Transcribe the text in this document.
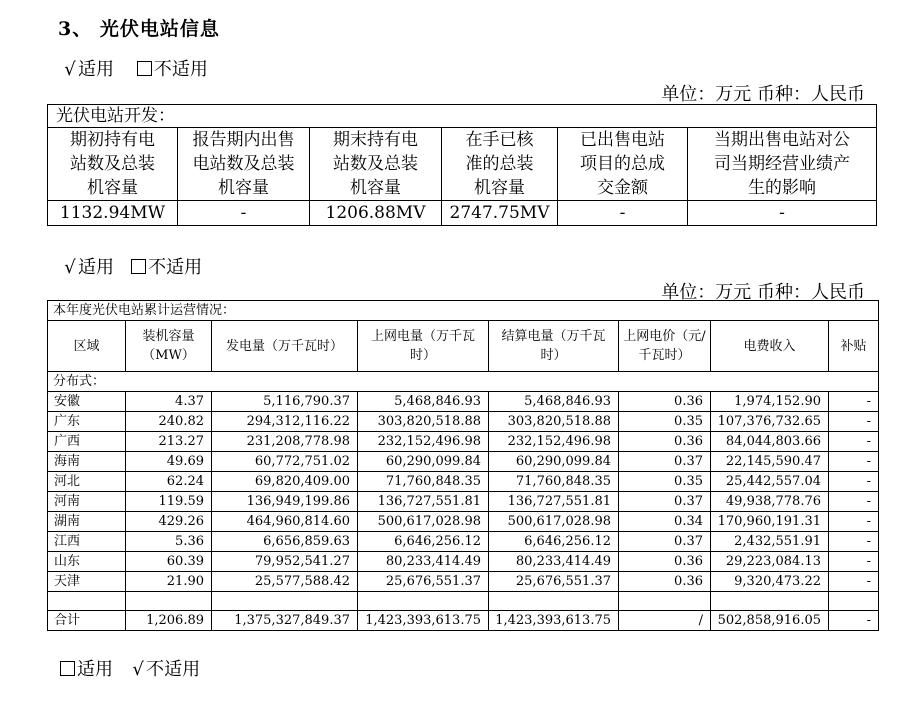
3、 光伏电站信息
√ 适用 不适用
单位：万元 币种：人民币
光伏电站开发：					
期初持有电
站数及总装
机容量	报告期内出售
电站数及总装
机容量	期末持有电
站数及总装
机容量	在手已核
准的总装
机容量	已出售电站
项目的总成
交金额	当期出售电站对公
司当期经营业绩产
生的影响
1132.94MW	-	1206.88MV	2747.75MV	-	-
√ 适用 不适用
单位：万元 币种：人民币
本年度光伏电站累计运营情况：							
区域	装机容量
（MW）	发电量（万千瓦时）	上网电量（万千瓦
时）	结算电量（万千瓦
时）	上网电价（元/
千瓦时）	电费收入	补贴
分布式：							
安徽	4.37	5,116,790.37	5,468,846.93	5,468,846.93	0.36	1,974,152.90	-
广东	240.82	294,312,116.22	303,820,518.88	303,820,518.88	0.35	107,376,732.65	-
广西	213.27	231,208,778.98	232,152,496.98	232,152,496.98	0.36	84,044,803.66	-
海南	49.69	60,772,751.02	60,290,099.84	60,290,099.84	0.37	22,145,590.47	-
河北	62.24	69,820,409.00	71,760,848.35	71,760,848.35	0.35	25,442,557.04	-
河南	119.59	136,949,199.86	136,727,551.81	136,727,551.81	0.37	49,938,778.76	-
湖南	429.26	464,960,814.60	500,617,028.98	500,617,028.98	0.34	170,960,191.31	-
江西	5.36	6,656,859.63	6,646,256.12	6,646,256.12	0.37	2,432,551.91	-
山东	60.39	79,952,541.27	80,233,414.49	80,233,414.49	0.36	29,223,084.13	-
天津	21.90	25,577,588.42	25,676,551.37	25,676,551.37	0.36	9,320,473.22	-

合计	1,206.89	1,375,327,849.37	1,423,393,613.75	1,423,393,613.75	/	502,858,916.05	-
适用 √ 不适用
